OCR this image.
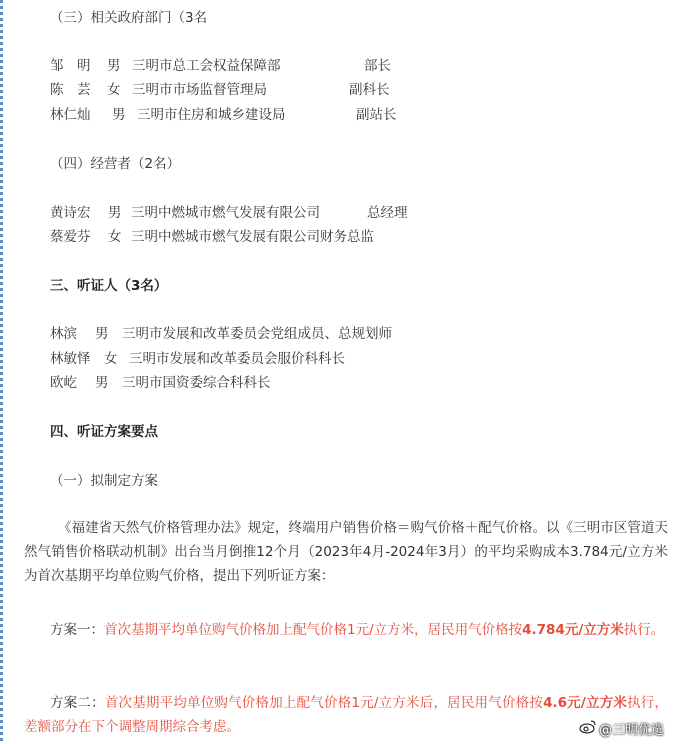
（三）相关政府部门（3名
邹　明 男 三明市总工会权益保障部	部长
陈　芸 女 三明市市场监督管理局	副科长
林仁灿 男 三明市住房和城乡建设局	副站长
（四）经营者（2名）
黄诗宏 男 三明中燃城市燃气发展有限公司	总经理
蔡爱芬 女 三明中燃城市燃气发展有限公司财务总监
三、听证人（3名）
林滨 男 三明市发展和改革委员会党组成员、总规划师
林敏怿 女 三明市发展和改革委员会服价科科长
欧屹 男 三明市国资委综合科科长
四、听证方案要点
（一）拟制定方案
《福建省天然气价格管理办法》规定，终端用户销售价格＝购气价格＋配气价格。以《三明市区管道天然气销售价格联动机制》出台当月倒推12个月（2023年4月-2024年3月）的平均采购成本3.784元/立方米为首次基期平均单位购气价格，提出下列听证方案：
方案一：首次基期平均单位购气价格加上配气价格1元/立方米，居民用气价格按4.784元/立方米执行。
方案二：首次基期平均单位购气价格加上配气价格1元/立方米后，居民用气价格按4.6元/立方米执行，差额部分在下个调整周期综合考虑。	@三明优选
